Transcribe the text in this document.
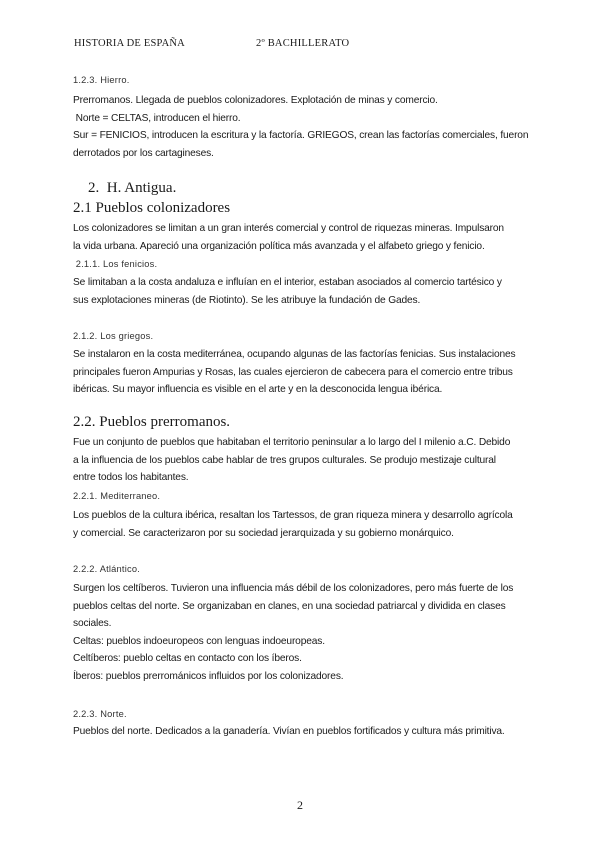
HISTORIA DE ESPAÑA	2º BACHILLERATO
1.2.3. Hierro.
Prerromanos. Llegada de pueblos colonizadores. Explotación de minas y comercio.
Norte = CELTAS, introducen el hierro.
Sur = FENICIOS, introducen la escritura y la factoría. GRIEGOS, crean las factorías comerciales, fueron
derrotados por los cartagineses.
2.  H. Antigua.
2.1 Pueblos colonizadores
Los colonizadores se limitan a un gran interés comercial y control de riquezas mineras. Impulsaron
la vida urbana. Apareció una organización política más avanzada y el alfabeto griego y fenicio.
2.1.1. Los fenicios.
Se limitaban a la costa andaluza e influían en el interior, estaban asociados al comercio tartésico y
sus explotaciones mineras (de Riotinto). Se les atribuye la fundación de Gades.
2.1.2. Los griegos.
Se instalaron en la costa mediterránea, ocupando algunas de las factorías fenicias. Sus instalaciones
principales fueron Ampurias y Rosas, las cuales ejercieron de cabecera para el comercio entre tribus
ibéricas. Su mayor influencia es visible en el arte y en la desconocida lengua ibérica.
2.2. Pueblos prerromanos.
Fue un conjunto de pueblos que habitaban el territorio peninsular a lo largo del I milenio a.C. Debido
a la influencia de los pueblos cabe hablar de tres grupos culturales. Se produjo mestizaje cultural
entre todos los habitantes.
2.2.1. Mediterraneo.
Los pueblos de la cultura ibérica, resaltan los Tartessos, de gran riqueza minera y desarrollo agrícola
y comercial. Se caracterizaron por su sociedad jerarquizada y su gobierno monárquico.
2.2.2. Atlántico.
Surgen los celtíberos. Tuvieron una influencia más débil de los colonizadores, pero más fuerte de los
pueblos celtas del norte. Se organizaban en clanes, en una sociedad patriarcal y dividida en clases
sociales.
Celtas: pueblos indoeuropeos con lenguas indoeuropeas.
Celtíberos: pueblo celtas en contacto con los íberos.
Íberos: pueblos prerrománicos influidos por los colonizadores.
2.2.3. Norte.
Pueblos del norte. Dedicados a la ganadería. Vivían en pueblos fortificados y cultura más primitiva.
2
